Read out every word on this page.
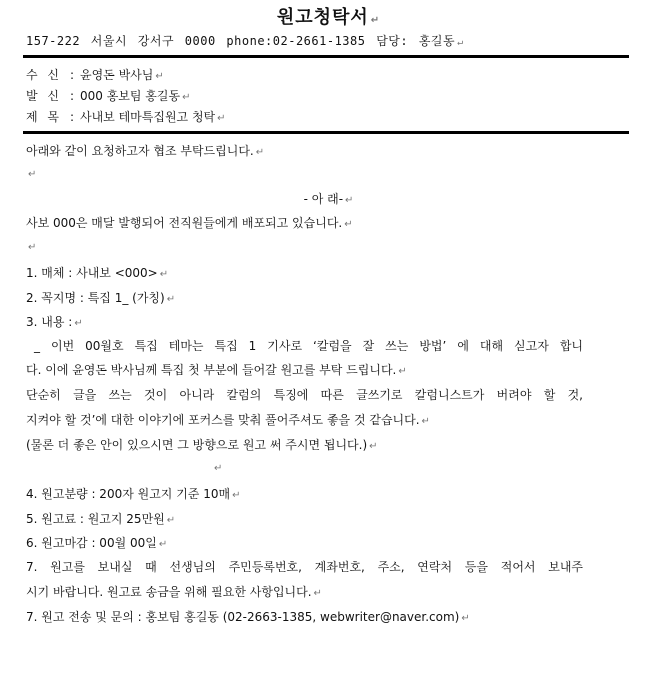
원고청탁서 ↵
157-222 서울시 강서구 0000 phone:02-2661-1385 담당: 홍길동 ↵
수 신 : 윤영돈 박사님 ↵
발 신 : 000 홍보팀 홍길동 ↵
제 목 : 사내보 테마특집원고 청탁 ↵
아래와 같이 요청하고자 협조 부탁드립니다. ↵
↵
- 아 래- ↵
사보 000은 매달 발행되어 전직원들에게 배포되고 있습니다. ↵
↵
1. 매체 : 사내보 <000> ↵
2. 꼭지명 : 특집 1_ (가칭) ↵
3. 내용 : ↵
_ 이번 00월호 특집 테마는 특집 1 기사로 ‘칼럼을 잘 쓰는 방법’ 에 대해 싣고자 합니
다. 이에 윤영돈 박사님께 특집 첫 부분에 들어갈 원고를 부탁 드립니다. ↵
단순히 글을 쓰는 것이 아니라 칼럼의 특징에 따른 글쓰기로 칼럼니스트가 버려야 할 것,
지켜야 할 것’에 대한 이야기에 포커스를 맞춰 풀어주셔도 좋을 것 같습니다. ↵
(물론 더 좋은 안이 있으시면 그 방향으로 원고 써 주시면 됩니다.) ↵
↵
4. 원고분량 : 200자 원고지 기준 10매 ↵
5. 원고료 : 원고지 25만원 ↵
6. 원고마감 : 00월 00일 ↵
7. 원고를 보내실 때 선생님의 주민등록번호, 계좌번호, 주소, 연락처 등을 적어서 보내주
시기 바랍니다. 원고료 송금을 위해 필요한 사항입니다. ↵
7. 원고 전송 및 문의 : 홍보팀 홍길동 (02-2663-1385, webwriter@naver.com) ↵
